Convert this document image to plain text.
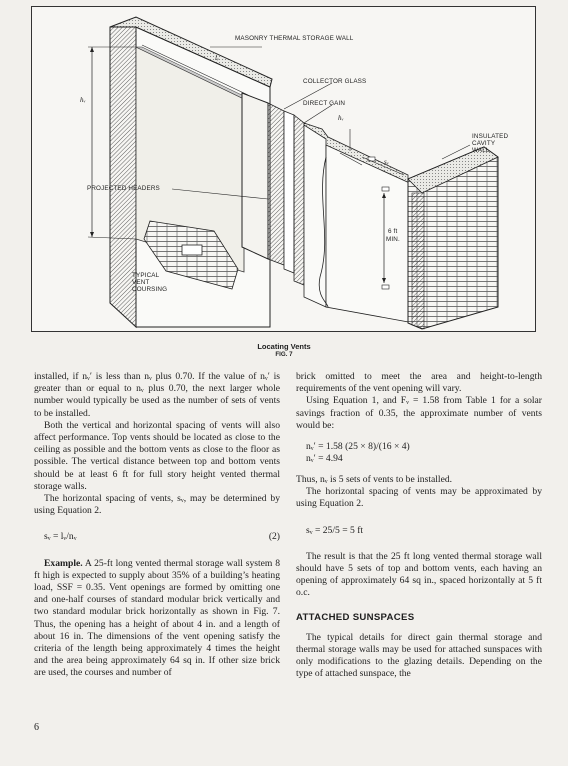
MASONRY THERMAL STORAGE WALL
COLLECTOR GLASS
DIRECT GAIN
lᵥ
hᵥ
hᵥ
sᵥ
INSULATED
CAVITY
WALL
PROJECTED HEADERS
6 ft
MIN.
TYPICAL
VENT
COURSING
Locating Vents
FIG. 7

installed, if nᵥ′ is less than nᵥ plus 0.70. If the value of nᵥ′ is greater than or equal to nᵥ plus 0.70, the next larger whole number would typically be used as the number of sets of vents to be installed.

Both the vertical and horizontal spacing of vents will also affect performance. Top vents should be located as close to the ceiling as possible and the bottom vents as close to the floor as possible. The vertical distance between top and bottom vents should be at least 6 ft for full story height vented thermal storage walls.

The horizontal spacing of vents, sᵥ, may be determined by using Equation 2.

sᵥ = lᵥ/nᵥ	(2)

Example. A 25-ft long vented thermal storage wall system 8 ft high is expected to supply about 35% of a building’s heating load, SSF = 0.35. Vent openings are formed by omitting one and one-half courses of standard modular brick vertically and two standard modular brick horizontally as shown in Fig. 7. Thus, the opening has a height of about 4 in. and a length of about 16 in. The dimensions of the vent opening satisfy the criteria of the length being approximately 4 times the height and the area being approximately 64 sq in. If other size brick are used, the courses and number of

brick omitted to meet the area and height-to-length requirements of the vent opening will vary.

Using Equation 1, and Fᵥ = 1.58 from Table 1 for a solar savings fraction of 0.35, the approximate number of vents would be:

nᵥ′ = 1.58 (25 × 8)/(16 × 4)
nᵥ′ = 4.94

Thus, nᵥ is 5 sets of vents to be installed.

The horizontal spacing of vents may be approximated by using Equation 2.

sᵥ = 25/5 = 5 ft

The result is that the 25 ft long vented thermal storage wall should have 5 sets of top and bottom vents, each having an opening of approximately 64 sq in., spaced horizontally at 5 ft o.c.

ATTACHED SUNSPACES

The typical details for direct gain thermal storage and thermal storage walls may be used for attached sunspaces with only modifications to the glazing details. Depending on the type of attached sunspace, the

6
